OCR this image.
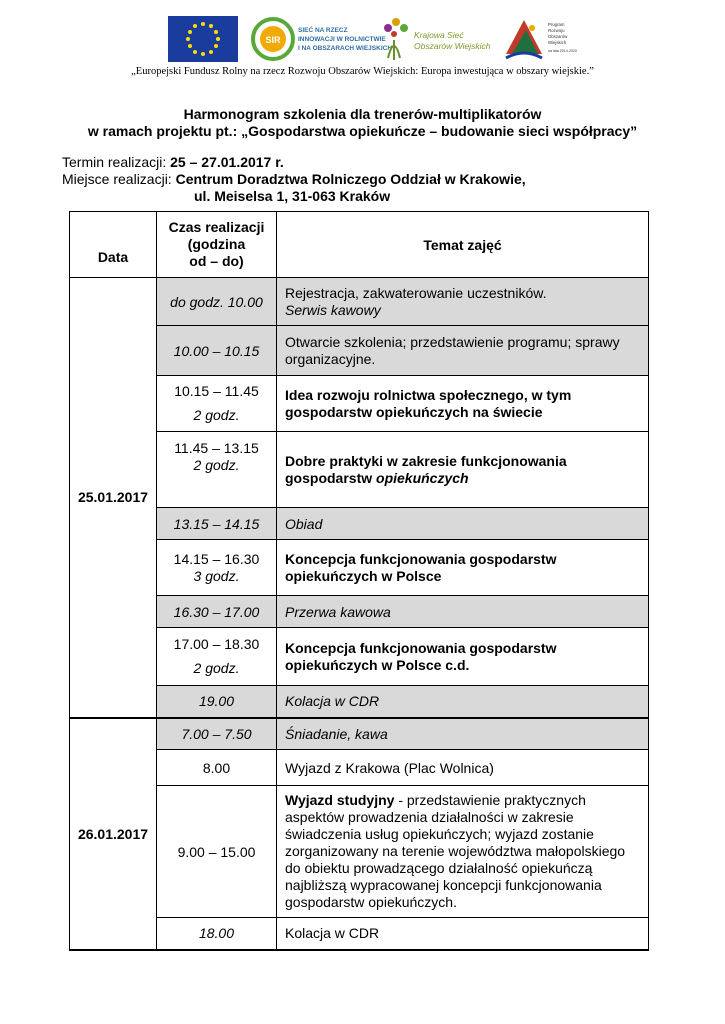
SIR
SIEĆ NA RZECZ
INNOWACJI W ROLNICTWIE
I NA OBSZARACH WIEJSKICH
Krajowa Sieć
Obszarów Wiejskich
Program
Rozwoju
Obszarów
Wiejskich
na lata 2014-2020
„Europejski Fundusz Rolny na rzecz Rozwoju Obszarów Wiejskich: Europa inwestująca w obszary wiejskie.”
Harmonogram szkolenia dla trenerów-multiplikatorów
w ramach projektu pt.: „Gospodarstwa opiekuńcze – budowanie sieci współpracy”
Termin realizacji: 25 – 27.01.2017 r.
Miejsce realizacji: Centrum Doradztwa Rolniczego Oddział w Krakowie,
ul. Meiselsa 1, 31-063 Kraków
Data	Czas realizacji
(godzina
od – do)	Temat zajęć
25.01.2017	do godz. 10.00	Rejestracja, zakwaterowanie uczestników.
Serwis kawowy

	10.00 – 10.15	Otwarcie szkolenia; przedstawienie programu; sprawy organizacyjne.

	10.15 – 11.45
2 godz.	Idea rozwoju rolnictwa społecznego, w tym gospodarstw opiekuńczych na świecie

	11.45 – 13.15
2 godz.	Dobre praktyki w zakresie funkcjonowania gospodarstw opiekuńczych
	13.15 – 14.15	Obiad

	14.15 – 16.30
3 godz.	Koncepcja funkcjonowania gospodarstw opiekuńczych w Polsce
	16.30 – 17.00	Przerwa kawowa

	17.00 – 18.30
2 godz.	Koncepcja funkcjonowania gospodarstw opiekuńczych w Polsce c.d.
	19.00	Kolacja w CDR
26.01.2017	7.00 – 7.50	Śniadanie, kawa
	8.00	Wyjazd z Krakowa (Plac Wolnica)
	9.00 – 15.00	Wyjazd studyjny - przedstawienie praktycznych aspektów prowadzenia działalności w zakresie świadczenia usług opiekuńczych; wyjazd zostanie zorganizowany na terenie województwa małopolskiego do obiektu prowadzącego działalność opiekuńczą najbliższą wypracowanej koncepcji funkcjonowania gospodarstw opiekuńczych.
	18.00	Kolacja w CDR
